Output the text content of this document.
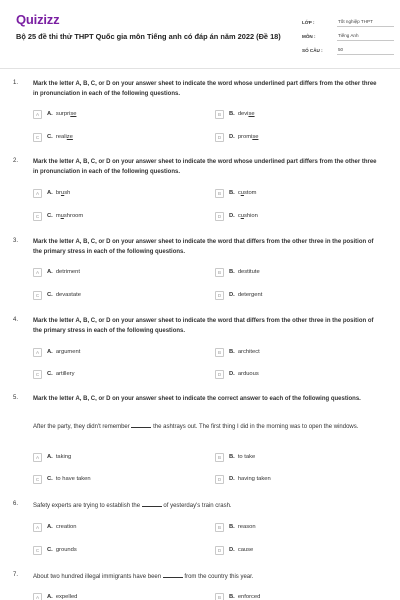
Quizizz
Bộ 25 đề thi thử THPT Quốc gia môn Tiếng anh có đáp án năm 2022 (Đề 18)
LỚP :	Tốt nghiệp THPT
MÔN :	Tiếng Anh
SỐ CÂU :	50
1. Mark the letter A, B, C, or D on your answer sheet to indicate the word whose underlined part differs from the other three in pronunciation in each of the following questions.
A	A. surprise	B	B. devise
C	C. realize	D	D. promise
2. Mark the letter A, B, C, or D on your answer sheet to indicate the word whose underlined part differs from the other three in pronunciation in each of the following questions.
A	A. brush	B	B. custom
C	C. mushroom	D	D. cushion
3. Mark the letter A, B, C, or D on your answer sheet to indicate the word that differs from the other three in the position of the primary stress in each of the following questions.
A	A. detriment	B	B. destitute
C	C. devastate	D	D. detergent
4. Mark the letter A, B, C, or D on your answer sheet to indicate the word that differs from the other three in the position of the primary stress in each of the following questions.
A	A. argument	B	B. architect
C	C. artillery	D	D. arduous
5. Mark the letter A, B, C, or D on your answer sheet to indicate the correct answer to each of the following questions.
After the party, they didn't remember	the ashtrays out. The first thing I did in the morning was to open the windows.
A	A. taking	B	B. to take
C	C. to have taken	D	D. having taken
6. Safety experts are trying to establish the	of yesterday's train crash.
A	A. creation	B	B. reason
C	C. grounds	D	D. cause
7. About two hundred illegal immigrants have been	from the country this year.
A	A. expelled	B	B. enforced
